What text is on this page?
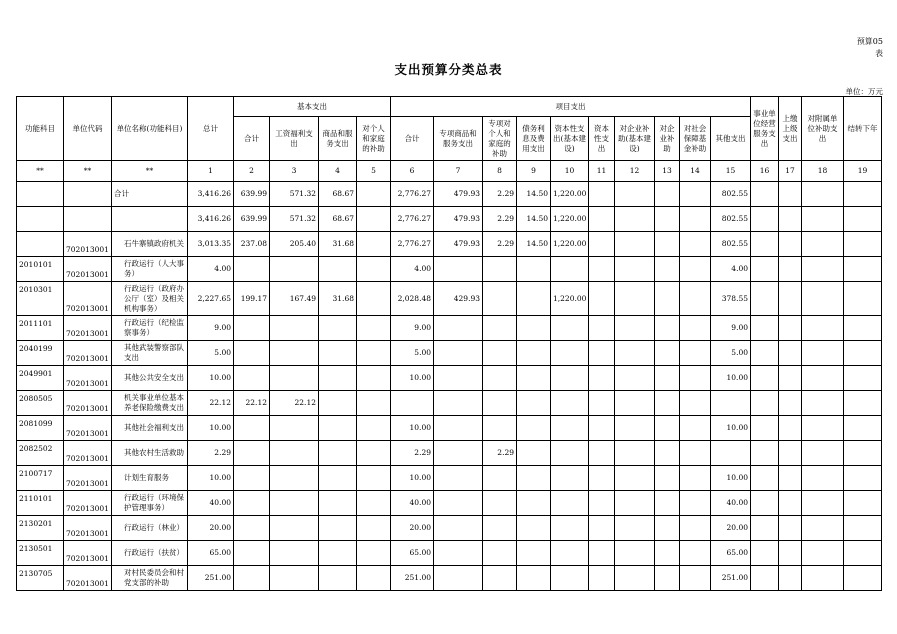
预算05
表
支出预算分类总表
单位：万元
功能科目	单位代码	单位名称(功能科目)	总计	基本支出				项目支出										事业单位经营服务支出	上缴上级支出	对附属单位补助支出	结转下年
				合计	工资福利支出	商品和服务支出	对个人和家庭的补助	合计	专项商品和服务支出	专项对个人和家庭的补助	债务利息及费用支出	资本性支出(基本建设)	资本性支出	对企业补助(基本建设)	对企业补助	对社会保障基金补助	其他支出				
**	**	**	1	2	3	4	5	6	7	8	9	10	11	12	13	14	15	16	17	18	19
		合计	3,416.26	639.99	571.32	68.67		2,776.27	479.93	2.29	14.50	1,220.00					802.55				
			3,416.26	639.99	571.32	68.67		2,776.27	479.93	2.29	14.50	1,220.00					802.55				
	702013001	石牛寨镇政府机关	3,013.35	237.08	205.40	31.68		2,776.27	479.93	2.29	14.50	1,220.00					802.55				
2010101	702013001	行政运行（人大事务）	4.00					4.00									4.00				
2010301	702013001	行政运行（政府办公厅（室）及相关机构事务）	2,227.65	199.17	167.49	31.68		2,028.48	429.93			1,220.00					378.55				
2011101	702013001	行政运行（纪检监察事务）	9.00					9.00									9.00				
2040199	702013001	其他武装警察部队支出	5.00					5.00									5.00				
2049901	702013001	其他公共安全支出	10.00					10.00									10.00				
2080505	702013001	机关事业单位基本养老保险缴费支出	22.12	22.12	22.12																
2081099	702013001	其他社会福利支出	10.00					10.00									10.00				
2082502	702013001	其他农村生活救助	2.29					2.29		2.29											
2100717	702013001	计划生育服务	10.00					10.00									10.00				
2110101	702013001	行政运行（环境保护管理事务）	40.00					40.00									40.00				
2130201	702013001	行政运行（林业）	20.00					20.00									20.00				
2130501	702013001	行政运行（扶贫）	65.00					65.00									65.00				
2130705	702013001	对村民委员会和村党支部的补助	251.00					251.00									251.00				
